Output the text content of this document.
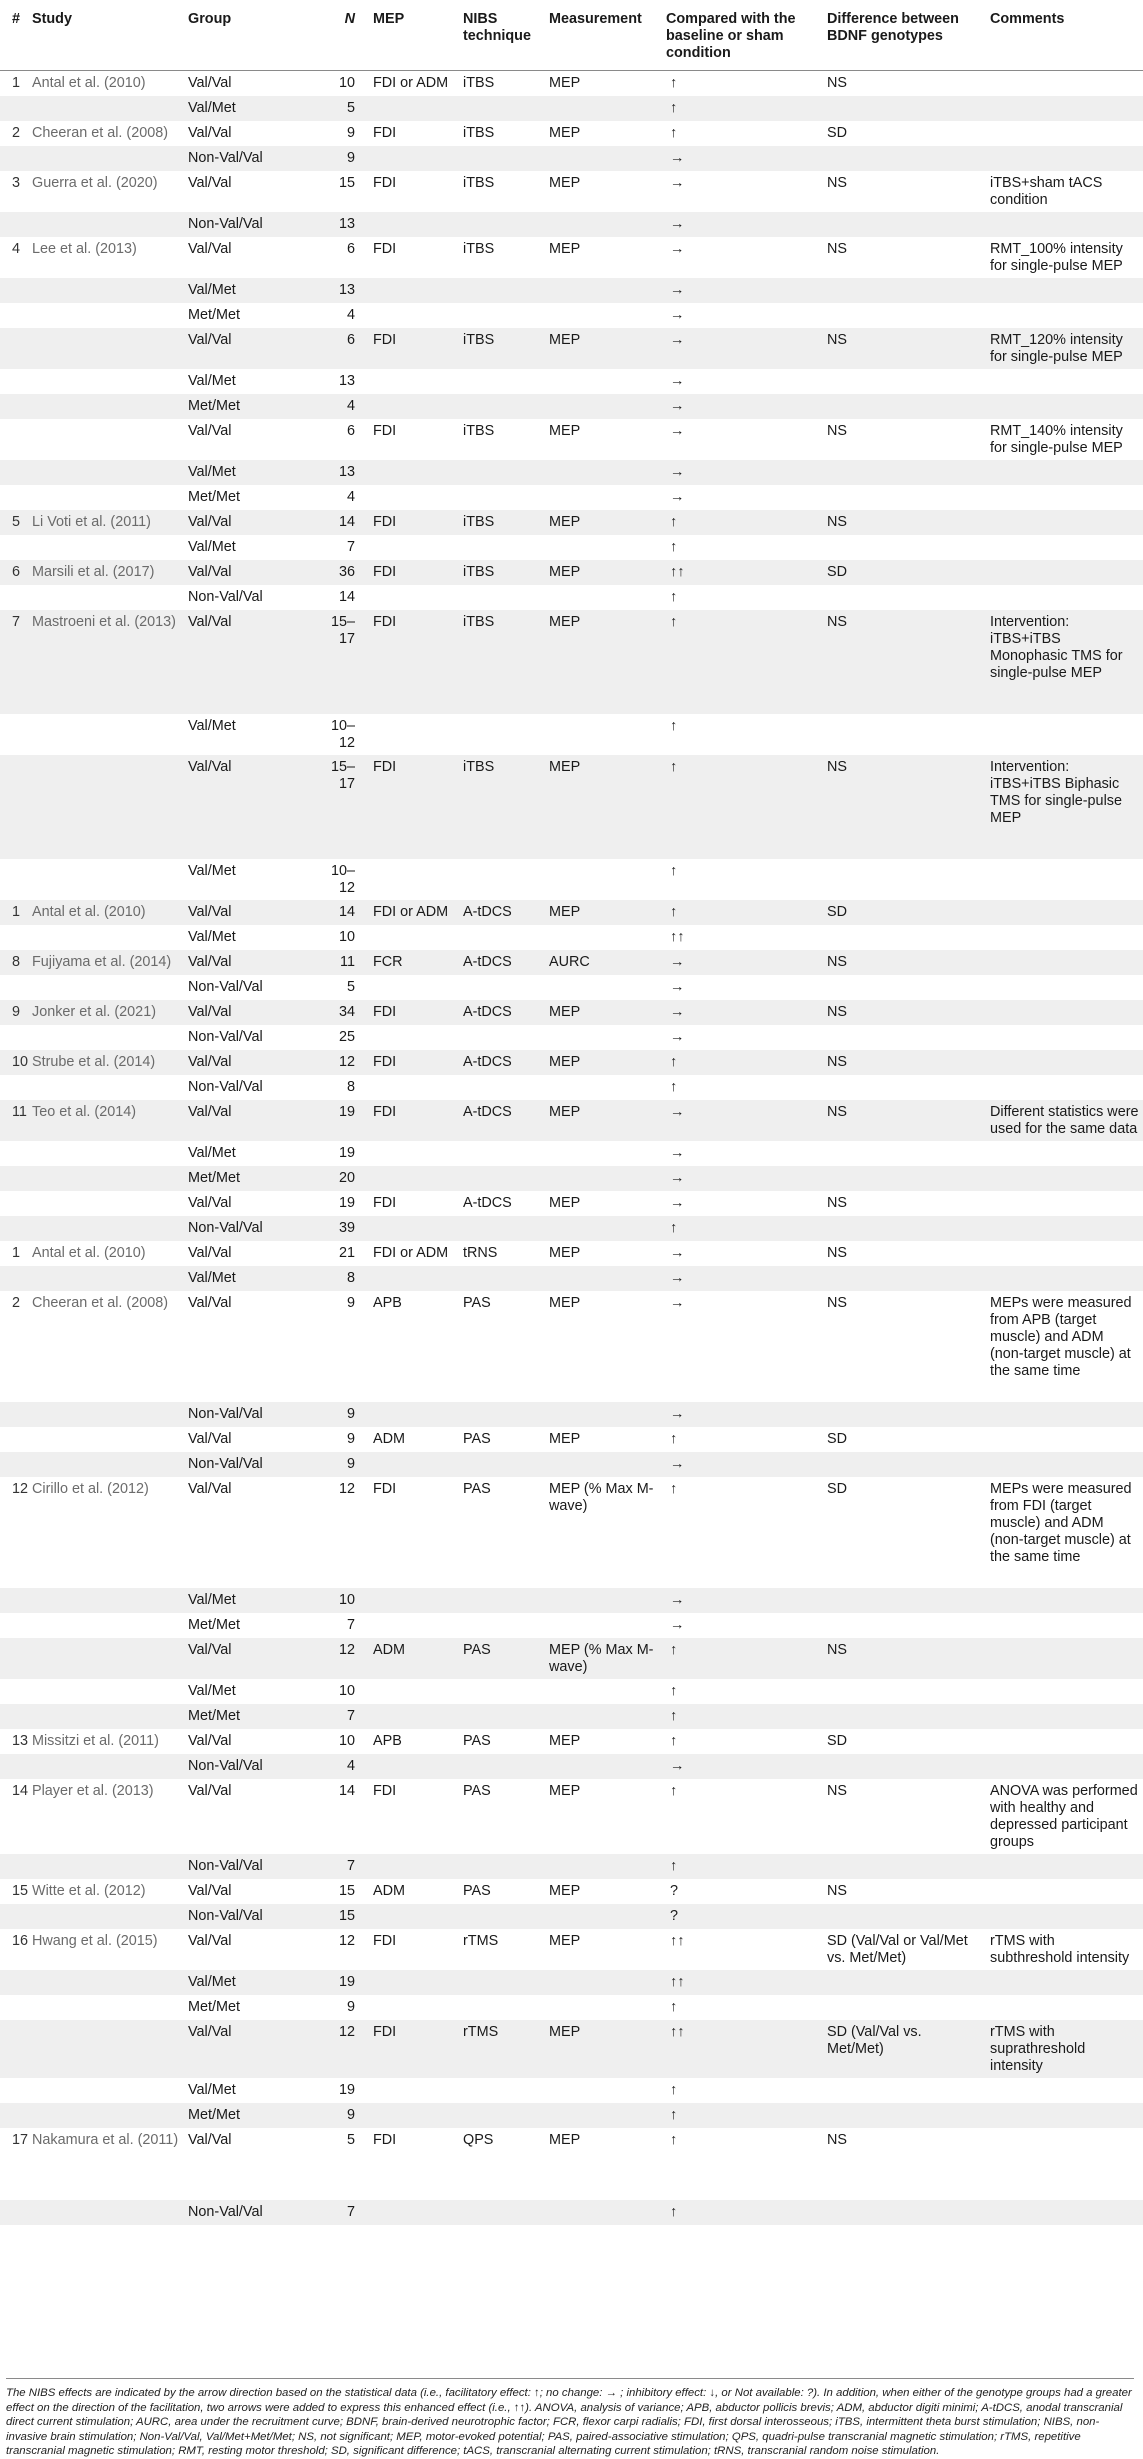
#	Study	Group	N	MEP	NIBS technique	Measurement	Compared with the baseline or sham condition	Difference between BDNF genotypes	Comments
1	Antal et al. (2010)	Val/Val	10	FDI or ADM	iTBS	MEP	↑	NS	
		Val/Met	5				↑		
2	Cheeran et al. (2008)	Val/Val	9	FDI	iTBS	MEP	↑	SD	
		Non-Val/Val	9				→		
3	Guerra et al. (2020)	Val/Val	15	FDI	iTBS	MEP	→	NS	iTBS+sham tACS condition
		Non-Val/Val	13				→		
4	Lee et al. (2013)	Val/Val	6	FDI	iTBS	MEP	→	NS	RMT_100% intensity for single-pulse MEP
		Val/Met	13				→		
		Met/Met	4				→		
		Val/Val	6	FDI	iTBS	MEP	→	NS	RMT_120% intensity for single-pulse MEP
		Val/Met	13				→		
		Met/Met	4				→		
		Val/Val	6	FDI	iTBS	MEP	→	NS	RMT_140% intensity for single-pulse MEP
		Val/Met	13				→		
		Met/Met	4				→		
5	Li Voti et al. (2011)	Val/Val	14	FDI	iTBS	MEP	↑	NS	
		Val/Met	7				↑		
6	Marsili et al. (2017)	Val/Val	36	FDI	iTBS	MEP	↑↑	SD	
		Non-Val/Val	14				↑		
7	Mastroeni et al. (2013)	Val/Val	15–17	FDI	iTBS	MEP	↑	NS	Intervention: iTBS+iTBS Monophasic TMS for single-pulse MEP
		Val/Met	10–12				↑		
		Val/Val	15–17	FDI	iTBS	MEP	↑	NS	Intervention: iTBS+iTBS Biphasic TMS for single-pulse MEP
		Val/Met	10–12				↑		
1	Antal et al. (2010)	Val/Val	14	FDI or ADM	A-tDCS	MEP	↑	SD	
		Val/Met	10				↑↑		
8	Fujiyama et al. (2014)	Val/Val	11	FCR	A-tDCS	AURC	→	NS	
		Non-Val/Val	5				→		
9	Jonker et al. (2021)	Val/Val	34	FDI	A-tDCS	MEP	→	NS	
		Non-Val/Val	25				→		
10	Strube et al. (2014)	Val/Val	12	FDI	A-tDCS	MEP	↑	NS	
		Non-Val/Val	8				↑		
11	Teo et al. (2014)	Val/Val	19	FDI	A-tDCS	MEP	→	NS	Different statistics were used for the same data
		Val/Met	19				→		
		Met/Met	20				→		
		Val/Val	19	FDI	A-tDCS	MEP	→	NS	
		Non-Val/Val	39				↑		
1	Antal et al. (2010)	Val/Val	21	FDI or ADM	tRNS	MEP	→	NS	
		Val/Met	8				→		
2	Cheeran et al. (2008)	Val/Val	9	APB	PAS	MEP	→	NS	MEPs were measured from APB (target muscle) and ADM (non-target muscle) at the same time
		Non-Val/Val	9				→		
		Val/Val	9	ADM	PAS	MEP	↑	SD	
		Non-Val/Val	9				→		
12	Cirillo et al. (2012)	Val/Val	12	FDI	PAS	MEP (% Max M-wave)	↑	SD	MEPs were measured from FDI (target muscle) and ADM (non-target muscle) at the same time
		Val/Met	10				→		
		Met/Met	7				→		
		Val/Val	12	ADM	PAS	MEP (% Max M-wave)	↑	NS	
		Val/Met	10				↑		
		Met/Met	7				↑		
13	Missitzi et al. (2011)	Val/Val	10	APB	PAS	MEP	↑	SD	
		Non-Val/Val	4				→		
14	Player et al. (2013)	Val/Val	14	FDI	PAS	MEP	↑	NS	ANOVA was performed with healthy and depressed participant groups
		Non-Val/Val	7				↑		
15	Witte et al. (2012)	Val/Val	15	ADM	PAS	MEP	?	NS	
		Non-Val/Val	15				?		
16	Hwang et al. (2015)	Val/Val	12	FDI	rTMS	MEP	↑↑	SD (Val/Val or Val/Met vs. Met/Met)	rTMS with subthreshold intensity
		Val/Met	19				↑↑		
		Met/Met	9				↑		
		Val/Val	12	FDI	rTMS	MEP	↑↑	SD (Val/Val vs. Met/Met)	rTMS with suprathreshold intensity
		Val/Met	19				↑		
		Met/Met	9				↑		
17	Nakamura et al. (2011)	Val/Val	5	FDI	QPS	MEP	↑	NS	
		Non-Val/Val	7				↑		
The NIBS effects are indicated by the arrow direction based on the statistical data (i.e., facilitatory effect: ↑; no change: → ; inhibitory effect: ↓, or Not available: ?). In addition, when either of the genotype groups had a greater effect on the direction of the facilitation, two arrows were added to express this enhanced effect (i.e., ↑↑). ANOVA, analysis of variance; APB, abductor pollicis brevis; ADM, abductor digiti minimi; A-tDCS, anodal transcranial direct current stimulation; AURC, area under the recruitment curve; BDNF, brain-derived neurotrophic factor; FCR, flexor carpi radialis; FDI, first dorsal interosseous; iTBS, intermittent theta burst stimulation; NIBS, non-invasive brain stimulation; Non-Val/Val, Val/Met+Met/Met; NS, not significant; MEP, motor-evoked potential; PAS, paired-associative stimulation; QPS, quadri-pulse transcranial magnetic stimulation; rTMS, repetitive transcranial magnetic stimulation; RMT, resting motor threshold; SD, significant difference; tACS, transcranial alternating current stimulation; tRNS, transcranial random noise stimulation.
